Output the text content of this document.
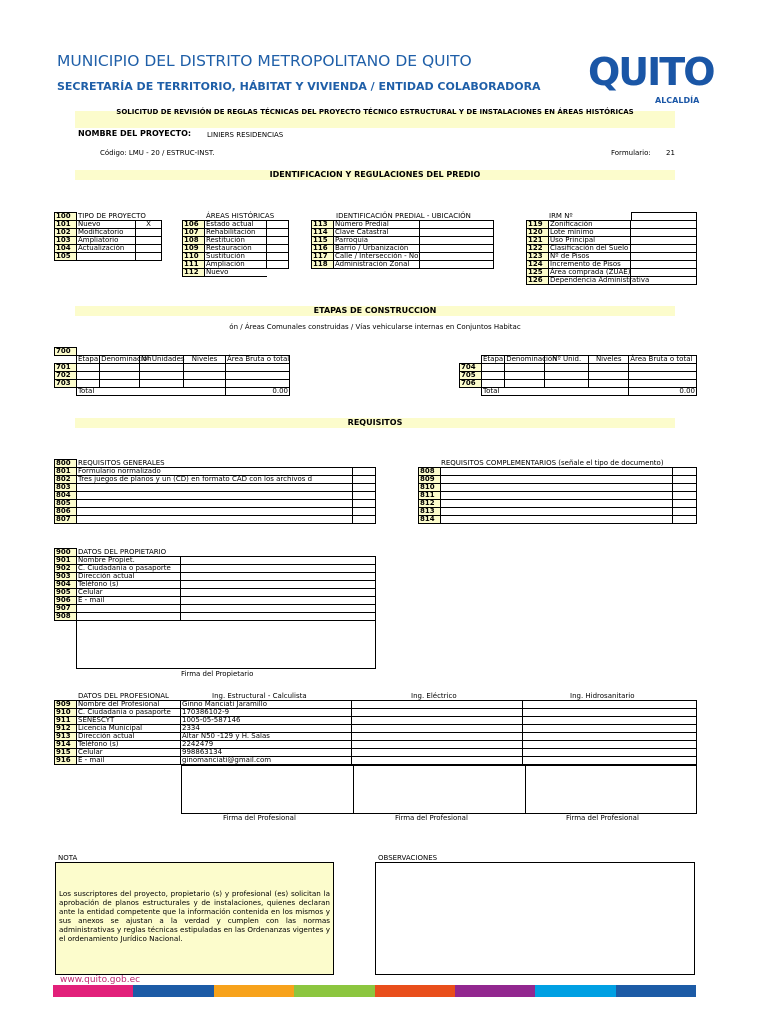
MUNICIPIO DEL DISTRITO METROPOLITANO DE QUITO
SECRETARÍA DE TERRITORIO, HÁBITAT Y VIVIENDA / ENTIDAD COLABORADORA QUITO
ALCALDÍA
SOLICITUD DE REVISIÓN DE REGLAS TÉCNICAS DEL PROYECTO TÉCNICO ESTRUCTURAL Y DE INSTALACIONES EN ÁREAS HISTÓRICAS
NOMBRE DEL PROYECTO: LINIERS RESIDENCIAS
Código: LMU - 20 / ESTRUC-INST.	Formulario: 21
IDENTIFICACION Y REGULACIONES DEL PREDIO
100	TIPO DE PROYECTO	
101	Nuevo	X
102	Modificatorio	
103	Ampliatorio	
104	Actualización	
105		
ÁREAS HISTÓRICAS
106	Estado actual	
107	Rehabilitación	
108	Restitución	
109	Restauración	
110	Sustitución	
111	Ampliación	
112	Nuevo	
IDENTIFICACIÓN PREDIAL - UBICACIÓN
113	Número Predial	
114	Clave Catastral	
115	Parroquia	
116	Barrio / Urbanización	
117	Calle / Intersección - No	
118	Administración Zonal	
IRM Nº
119	Zonificación	
120	Lote mínimo	
121	Uso Principal	
122	Clasificación del Suelo	
123	Nº de Pisos	
124	Incremento de Pisos	
125	Área comprada (ZUAE)	
126	Dependencia Administrativa	
ETAPAS DE CONSTRUCCION
ón / Áreas Comunales construidas / Vías vehicularse internas en Conjuntos Habitac
700					
	Etapa	Denominación	Nº Unidades	Niveles	Área Bruta o total
701					
702					
703					
	Total				0.00
	Etapa	Denominación	Nº Unid.	Niveles	Área Bruta o total
704					
705					
706					
	Total				0.00
REQUISITOS
800	REQUISITOS GENERALES	
801	Formulario normalizado	
802	Tres juegos de planos y un (CD) en formato CAD con los archivos d	
803		
804		
805		
806		
807		
REQUISITOS COMPLEMENTARIOS (señale el tipo de documento)
808		
809		
810		
811		
812		
813		
814		
900	DATOS DEL PROPIETARIO	
901	Nombre Propiet.	
902	C. Ciudadanía o pasaporte	
903	Dirección actual	
904	Teléfono (s)	
905	Celular	
906	E - mail	
907		
908		
Firma del Propietario
DATOS DEL PROFESIONAL	Ing. Estructural - Calculista	Ing. Eléctrico	Ing. Hidrosanitario
909	Nombre del Profesional	Ginno Manciati Jaramillo		
910	C. Ciudadanía o pasaporte	170386102-9		
911	SENESCYT	1005-05-587146		
912	Licencia Municipal	2334		
913	Dirección actual	Altar N50 -129 y H. Salas		
914	Teléfono (s)	2242479		
915	Celular	998863134		
916	E - mail	ginomanciati@gmail.com		
Firma del Profesional	Firma del Profesional	Firma del Profesional
NOTA
Los suscriptores del proyecto, propietario (s) y profesional (es) solicitan la aprobación de planos estructurales y de instalaciones, quienes declaran ante la entidad competente que la información contenida en los mismos y sus anexos se ajustan a la verdad y cumplen con las normas administrativas y reglas técnicas estipuladas en las Ordenanzas vigentes y el ordenamiento Jurídico Nacional.
OBSERVACIONES
www.quito.gob.ec
